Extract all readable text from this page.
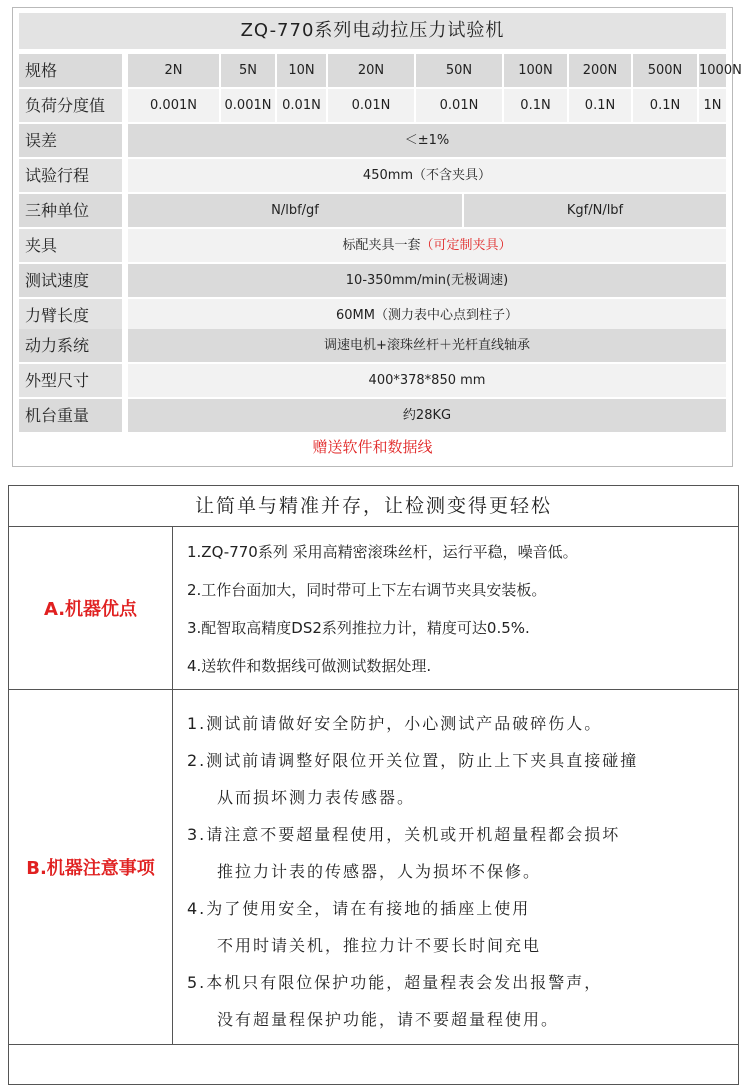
ZQ-770系列电动拉压力试验机
规格	2N	5N	10N	20N	50N	100N	200N	500N	1000N
负荷分度值	0.001N	0.001N 0.01N	0.01N	0.01N	0.1N	0.1N	0.1N	1N
误差	＜±1%
试验行程	450mm（不含夹具）
三种单位	N/lbf/gf	Kgf/N/lbf
夹具	标配夹具一套（可定制夹具）
测试速度	10-350mm/min(无极调速)
力臂长度	60MM（测力表中心点到柱子）
动力系统	调速电机+滚珠丝杆＋光杆直线轴承
外型尺寸	400*378*850 mm
机台重量	约28KG
赠送软件和数据线
让简单与精准并存，让检测变得更轻松
A.机器优点
1.ZQ-770系列 采用高精密滚珠丝杆，运行平稳，噪音低。
2.工作台面加大，同时带可上下左右调节夹具安装板。
3.配智取高精度DS2系列推拉力计，精度可达0.5%.
4.送软件和数据线可做测试数据处理.
B.机器注意事项
1.测试前请做好安全防护，小心测试产品破碎伤人。
2.测试前请调整好限位开关位置，防止上下夹具直接碰撞
从而损坏测力表传感器。
3.请注意不要超量程使用，关机或开机超量程都会损坏
推拉力计表的传感器，人为损坏不保修。
4.为了使用安全，请在有接地的插座上使用
不用时请关机，推拉力计不要长时间充电
5.本机只有限位保护功能，超量程表会发出报警声，
没有超量程保护功能，请不要超量程使用。
